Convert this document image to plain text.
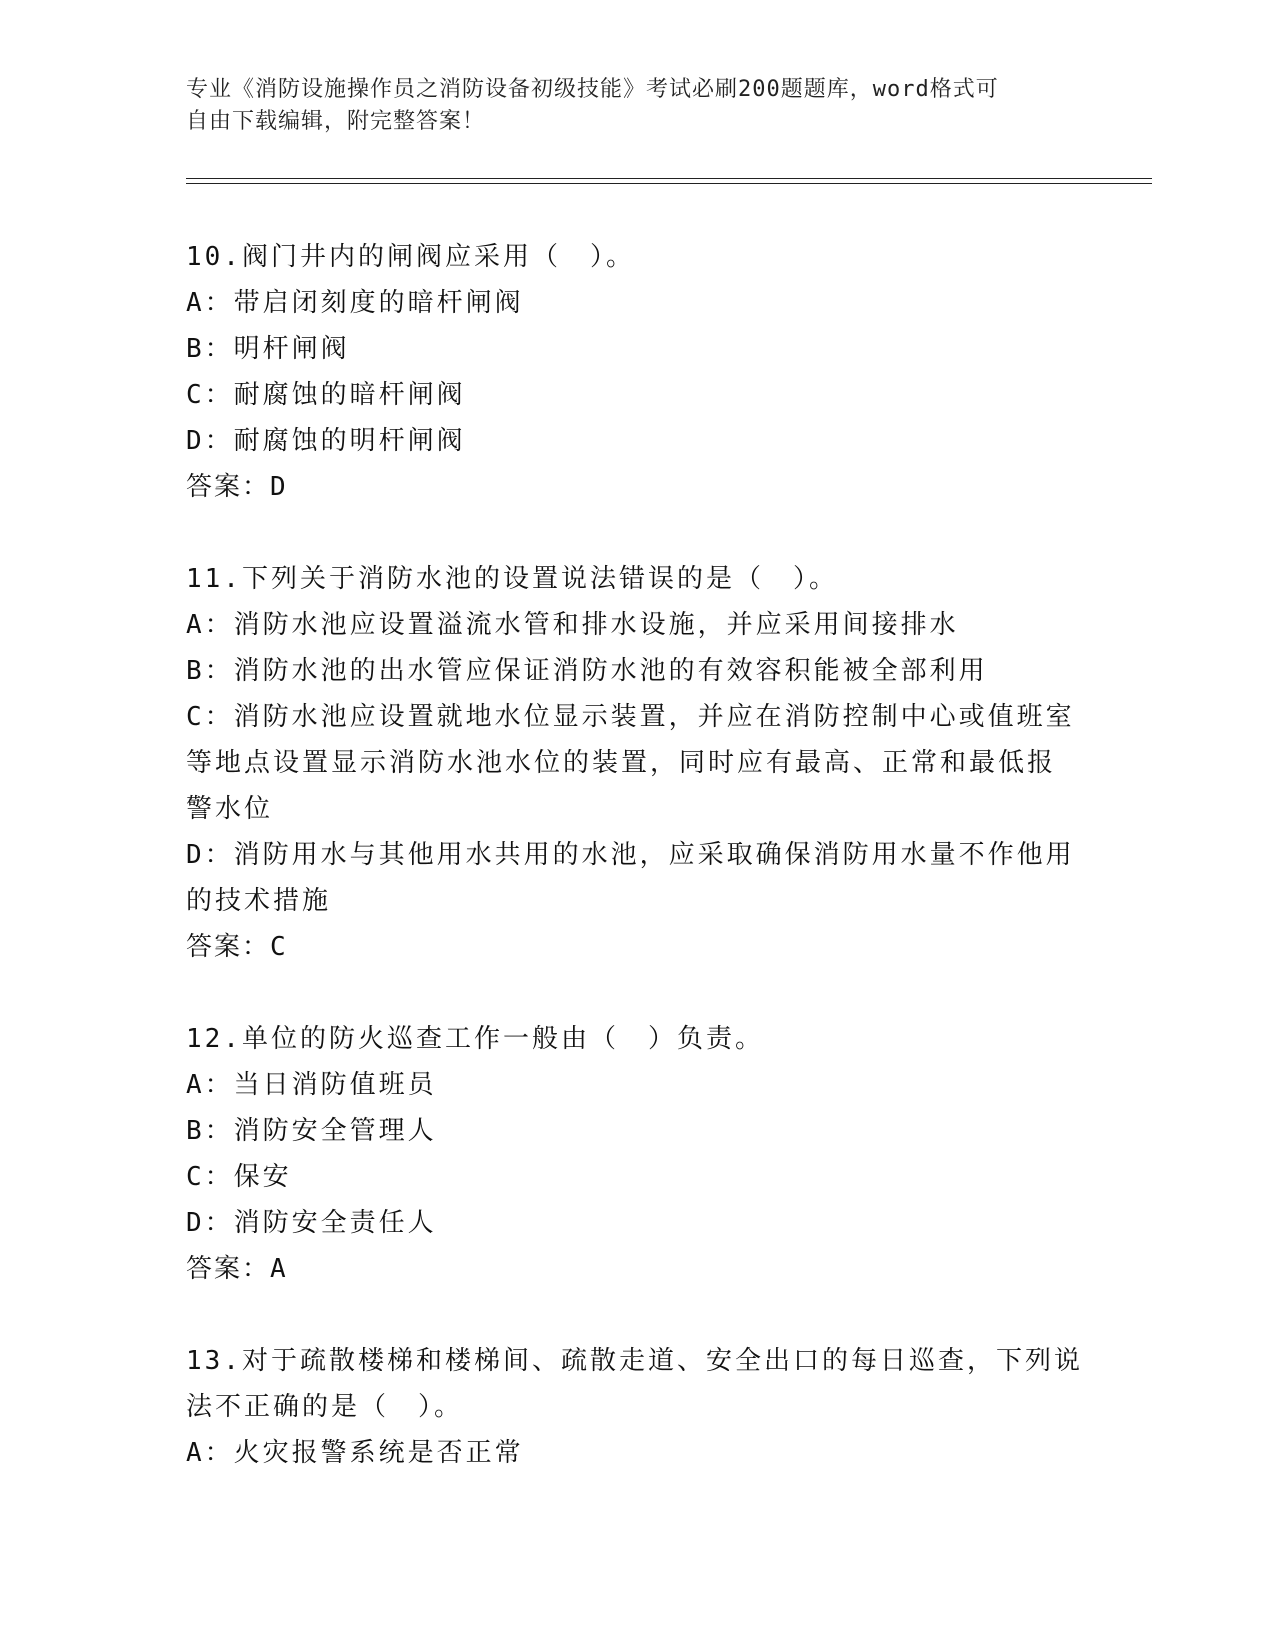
专业《消防设施操作员之消防设备初级技能》考试必刷200题题库，word格式可
自由下载编辑，附完整答案！
10.阀门井内的闸阀应采用（　）。
A：带启闭刻度的暗杆闸阀
B：明杆闸阀
C：耐腐蚀的暗杆闸阀
D：耐腐蚀的明杆闸阀
答案：D
11.下列关于消防水池的设置说法错误的是（　）。
A：消防水池应设置溢流水管和排水设施，并应采用间接排水
B：消防水池的出水管应保证消防水池的有效容积能被全部利用
C：消防水池应设置就地水位显示装置，并应在消防控制中心或值班室
等地点设置显示消防水池水位的装置，同时应有最高、正常和最低报
警水位
D：消防用水与其他用水共用的水池，应采取确保消防用水量不作他用
的技术措施
答案：C
12.单位的防火巡查工作一般由（　）负责。
A：当日消防值班员
B：消防安全管理人
C：保安
D：消防安全责任人
答案：A
13.对于疏散楼梯和楼梯间、疏散走道、安全出口的每日巡查，下列说
法不正确的是（　）。
A：火灾报警系统是否正常
